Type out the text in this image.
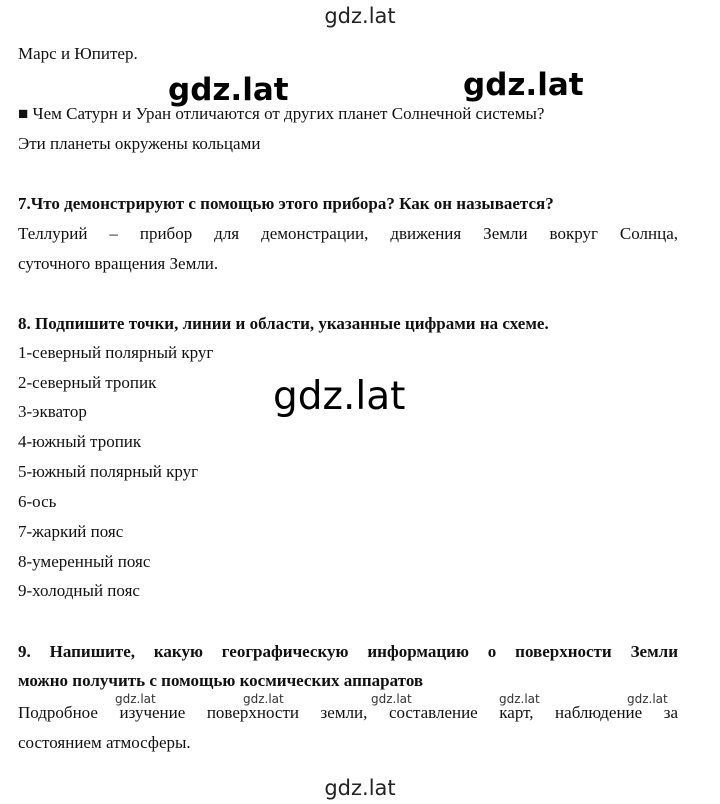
gdz.lat
gdz.lat	gdz.lat
gdz.lat
gdz.lat	gdz.lat	gdz.lat	gdz.lat	gdz.lat
gdz.lat
Марс и Юпитер.
■ Чем Сатурн и Уран отличаются от других планет Солнечной системы?
Эти планеты окружены кольцами
7.Что демонстрируют с помощью этого прибора? Как он называется?
Теллурий – прибор для демонстрации, движения Земли вокруг Солнца,
суточного вращения Земли.
8. Подпишите точки, линии и области, указанные цифрами на схеме.
1-северный полярный круг
2-северный тропик
3-экватор
4-южный тропик
5-южный полярный круг
6-ось
7-жаркий пояс
8-умеренный пояс
9-холодный пояс
9. Напишите, какую географическую информацию о поверхности Земли
можно получить с помощью космических аппаратов
Подробное изучение поверхности земли, составление карт, наблюдение за
состоянием атмосферы.
